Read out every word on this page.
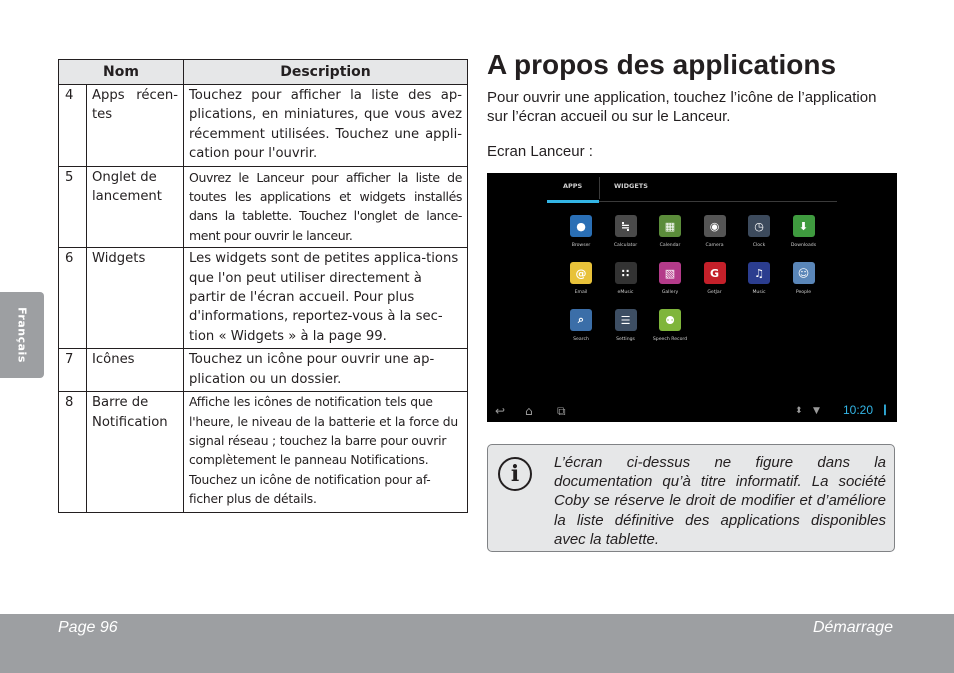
Français
Nom		Description
4	Apps récen-tes	Touchez pour afficher la liste des ap-plications, en miniatures, que vous avez récemment utilisées. Touchez une appli-cation pour l'ouvrir.
5	Onglet de lancement	Ouvrez le Lanceur pour afficher la liste de toutes les applications et widgets installés dans la tablette. Touchez l'onglet de lance-ment pour ouvrir le lanceur.
6	Widgets	Les widgets sont de petites applica-tions que l'on peut utiliser directement à partir de l'écran accueil. Pour plus d'informations, reportez-vous à la sec-tion « Widgets » à la page 99.
7	Icônes	Touchez un icône pour ouvrir une ap-plication ou un dossier.
8	Barre de Notification	Affiche les icônes de notification tels que l'heure, le niveau de la batterie et la force du signal réseau ; touchez la barre pour ouvrir complètement le panneau Notifications. Touchez un icône de notification pour af-ficher plus de détails.
A propos des applications

Pour ouvrir une application, touchez l’icône de l’application sur l’écran accueil ou sur le Lanceur.

Ecran Lanceur :

APPS	WIDGETS
●
Browser
≒
Calculator
▦
Calendar
◉
Camera
◷
Clock
⬇
Downloads
@
Email
∷
eMusic
▧
Gallery
G
GetJar
♫
Music
☺
People
⌕
Search
☰
Settings
⚉
Speech Record
↩ ⌂ ⧉	⬍ ▼ 10:20 ▎
i	L’écran ci-dessus ne figure dans la documentation qu’à titre informatif. La société Coby se réserve le droit de modifier et d’améliore la liste définitive des applications disponibles avec la tablette.

Page 96	Démarrage
